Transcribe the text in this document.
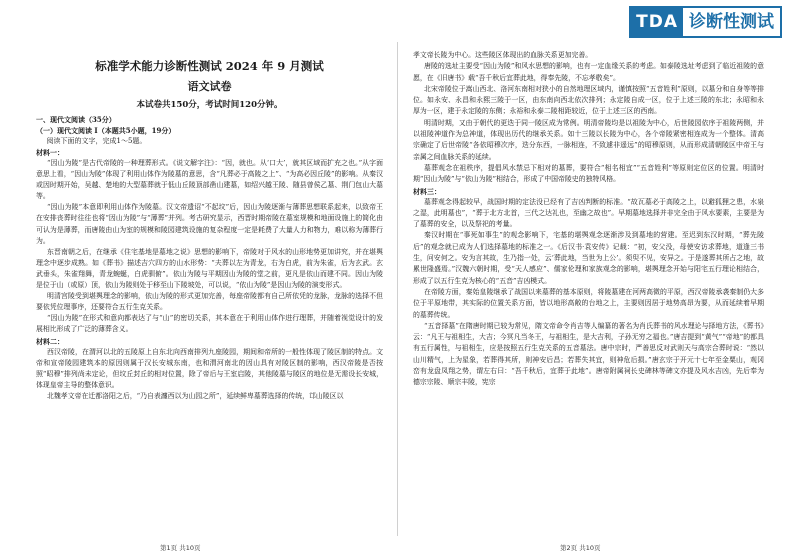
TDA 诊断性测试
标准学术能力诊断性测试 2024 年 9 月测试
语文试卷
本试卷共150分，考试时间120分钟。
一、现代文阅读（35分）
（一）现代文阅读 I（本题共5小题，19分）
阅读下面的文字，完成1～5题。
材料一：

“因山为陵”是古代帝陵的一种理葬形式。《说文解字注》：“因，就也。从‘口大’，就其区域而扩充之也。”从字面意思上看，“因山为陵”体现了利用山体作为陵墓的意思，含“凡葬必于高陵之上”、“为高必因丘陵”的影响。从秦汉或因时期开始，吴越、楚地的大型墓葬就于低山丘陵顶部凿山建墓，如绍兴越王陵、随县曾侯乙墓、荆门包山大墓等。

“因山为陵”本意即利用山体作为陵墓。汉文帝遗诏“不起坟”后，因山为陵逐渐与薄葬思想联系起来，以致帝王在安排丧葬时往往也将“因山为陵”与“薄葬”并列。考古研究显示，西晋时期帝陵在墓室规模和地面设施上的简化由可认为是薄葬，而唐陵由山为室的规模和陵园建筑设施的复杂程度一定是耗费了大量人力和物力，难以称为薄葬行为。

东晋南朝之后，在继承《住宅基地是墓地之说》思想的影响下，帝陵对于风水的山形地势更加讲究，并在堪舆理念中逐步成熟。如《葬书》描述吉穴四方的山水形势：“夫葬以左为青龙，右为白虎，前为朱雀，后为玄武。玄武垂头，朱雀翔舞，青龙蜿蜒，白虎驯俯”。依山为陵与平期因山为陵的堂之前，更凡是依山而建不同。因山为陵是位于山（或原）顶，依山为陵则处于移至山下陵坡处，可以说，“依山为陵”是因山为陵的演变形式。

明清宫陵受到堪舆理念的影响，依山为陵的形式更加完善，每座帝陵都有自己所依凭的龙脉，龙脉的选择不但要依凭位理事序，还要符合五行生克关系。

“因山为陵”在形式和意向都表达了与“山”的密切关系，其本意在于利用山体作进行理葬，并随着视觉设计的发展相比形成了广泛的薄葬含义。

材料二：

西汉帝陵，在渭河以北的五陵原上自东北向西南排列九座陵园，期间和帝所的一般性体现了陵区制的特点。文帝和宣帝陵园建筑本的原因则属于汉长安城东南，也和渭河南北的因山具有对陵区制的影响，西汉帝陵是否按照“昭穆”排列尚未定论，但坟丘封丘的相对位置，除了帝后与王室启陵，其他陵墓与陵区的地位是无需设长安城，体现皇帝主导的整体意识。

北魏孝文帝在迁都洛阳之后，“乃自表瀍西以为山园之所”，延续鲜卑墓葬选择的传统，邙山陵区以

第1页 共10页

孝文帝长陵为中心。这些陵区体现出的血脉关系更加完善。

唐陵的选址主要受“因山为陵”和风水思想的影响，也有一定血缘关系的考虑。如泰陵选址考虑到了临近祖陵的意愿，在《旧唐书》载“吾千秋后宜葬此地，得奉先陵，不忘孝敬矣”。

北宋帝陵位于嵩山西北、洛河东南相对狭小的自然地理区域内，谨慎按照“五音姓利”原则，以墓分和自身等等排位。如永安、永昌和永熙三陵于一区，由东南向西北依次排列；永定陵自成一区，位于上述三陵的东北；永昭和永厚为一区，建于永定陵的东侧；永裕和永泰二陵相距较近，位于上述三区的西南。

明清时期，又由于朝代的更迭于同一陵区成为常例。明清帝陵均是以祖陵为中心，后世陵园依序于祖陵两侧，并以祖陵神道作为总神道，体现出历代的继承关系。如十三陵以长陵为中心，各个帝陵紧密相连成为一个整体。清高宗确定了后世帝陵“各依昭穆次序，迭分东西，一脉相连，不致遽非遥远”的昭穆原则，从而形成清朝陵区中帝王与亲属之间血脉关系的延续。

墓葬观念在祖秩序，提倡风水禁忌下相对的墓葬，要符合“相名相宜”“五音姓利”等原则定位区的位置。明清时期“因山为陵”与“依山为陵”相结合，形成了中国帝陵史的独特风格。

材料三：

墓葬观念得起较早，战国时期的定法没已经有了吉凶判断的标准。“故瓦墓必于高陵之上，以避狐狸之患，水泉之湿，此明墓也”，“葬于北方北首，三代之达礼也，至幽之故也”。早期墓地选择并非完全由于风水要素，主要是为了墓葬的安全，以及祭祀的考量。

秦汉时期在“事死如事生”的观念影响下，宅基的堪舆观念逐渐涉及到墓地的营建。至迟到东汉时期，“葬先陵后”的观念就已成为人们选择墓地的标准之一。《后汉书·袁安传》记载：“初，安父没，母使安访求葬地，道逢三书生，问安何之。安为言其故，生乃指一处，云‘葬此地，当世为上公’。须臾不见，安异之。于是遂葬其所占之地，故累世隆盛焉。”汉魏六朝时期，受“天人感应”、儒家伦理和家族观念的影响，堪舆理念开始与阳宅五行理论相结合，形成了以五行生克为核心的“五音”吉凶模式。

在帝陵方面，秦始皇陵继承了战国以来墓葬的基本原则，将陵墓建在河两高微的平原，西汉帝陵承袭秦制仍大多位于平原地带，其实际的位置关系方面，皆以地形高敞的台地之上，主要则因居于地势高昂为要，从而延续着早期的墓葬传统。

“五音择墓”在隋唐时期已较为常见，隋文帝命令肖吉等人编纂的著名为肖氏葬书的风水理论与择地方法，《葬书》云：“凡王与祖相生，大吉；今冥凡当冬王，与祖相生，是大吉利，子孙无穷之福也。”唐吉提到“黄气”“帝地”的都具有五行属性，与祖相生，应是按照五行生克关系的五音墓法。唐中宗时，严善思反对武则天与高宗合葬时说：“然以山川精气，上为星象，若葬得其所，则神安后昌；若葬失其宜，则神危后损。”唐玄宗于开元十七年至金粟山，观冈峦有龙盘凤翔之势，谓左右曰：“吾千秋后，宜葬于此地”。唐帝附属祠长史碑林等碑文亦提及风水吉凶，先后奉为德宗宗陵、顺宗丰陵，宪宗

第2页 共10页
